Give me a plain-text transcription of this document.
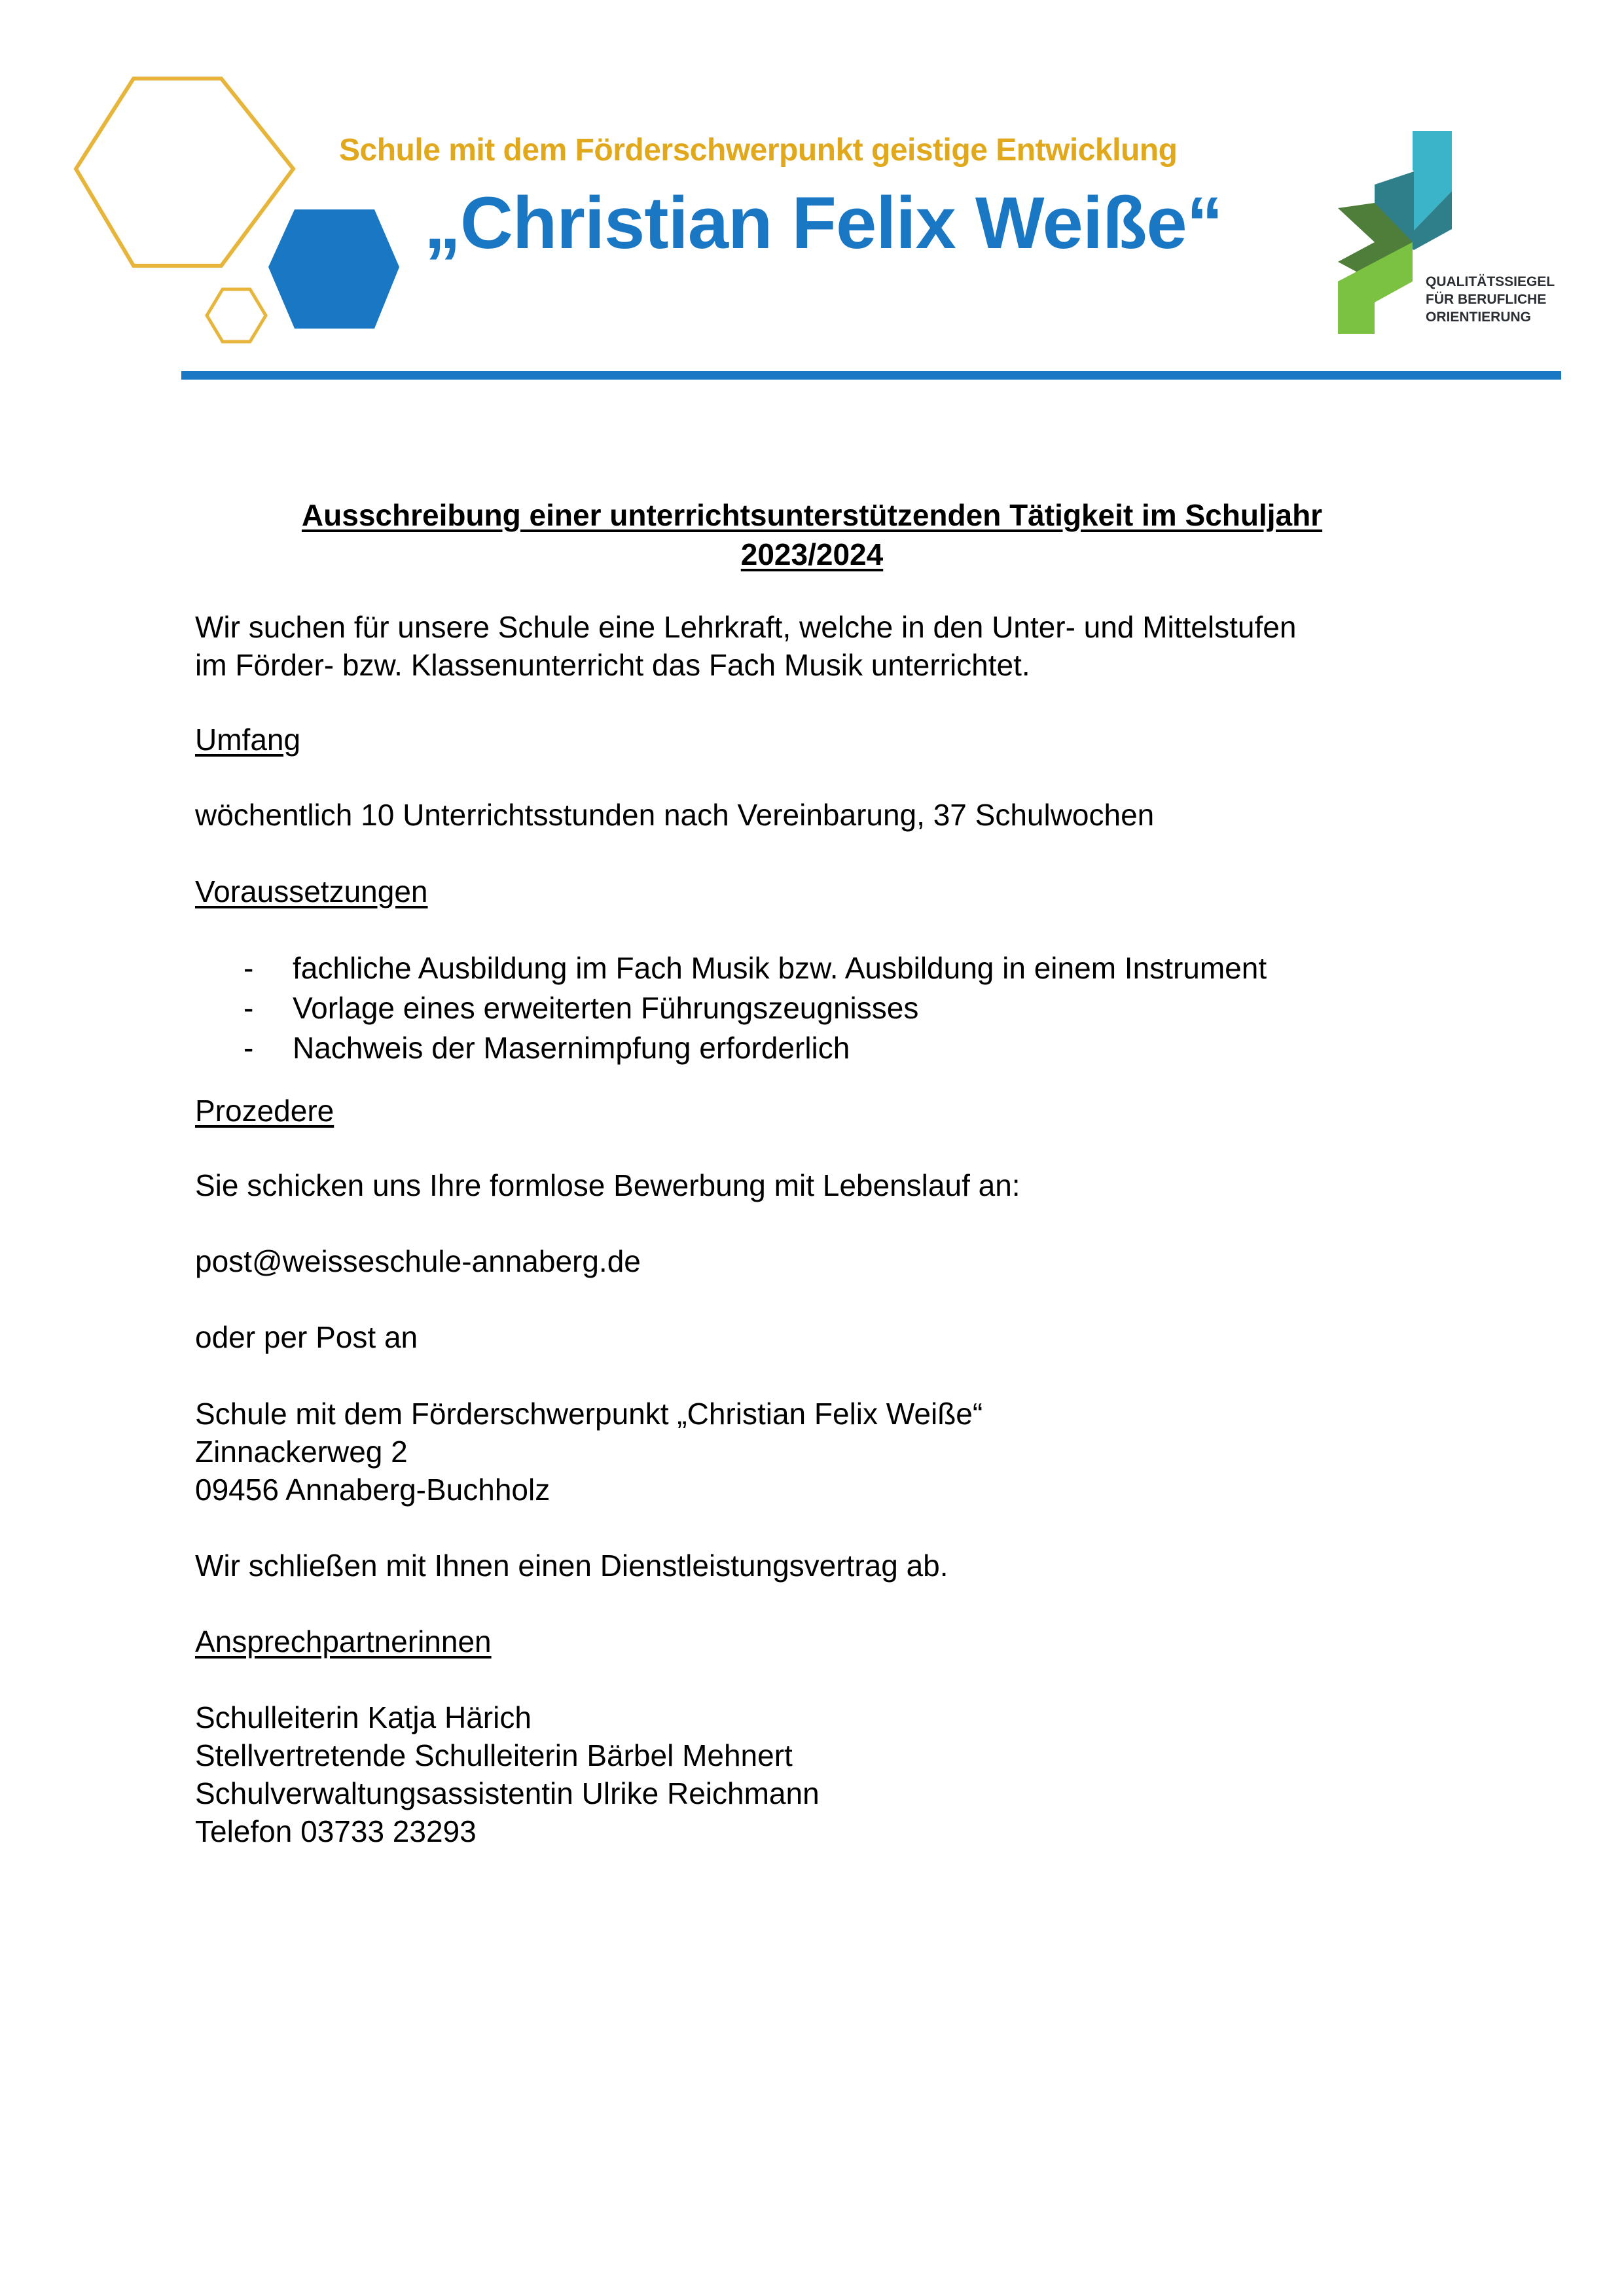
Schule mit dem Förderschwerpunkt geistige Entwicklung
„Christian Felix Weiße“
QUALITÄTSSIEGEL
FÜR BERUFLICHE
ORIENTIERUNG
Ausschreibung einer unterrichtsunterstützenden Tätigkeit im Schuljahr
2023/2024
Wir suchen für unsere Schule eine Lehrkraft, welche in den Unter- und Mittelstufen
im Förder- bzw. Klassenunterricht das Fach Musik unterrichtet.
Umfang
wöchentlich 10 Unterrichtsstunden nach Vereinbarung, 37 Schulwochen
Voraussetzungen
- fachliche Ausbildung im Fach Musik bzw. Ausbildung in einem Instrument
- Vorlage eines erweiterten Führungszeugnisses
- Nachweis der Masernimpfung erforderlich
Prozedere
Sie schicken uns Ihre formlose Bewerbung mit Lebenslauf an:
post@weisseschule-annaberg.de
oder per Post an
Schule mit dem Förderschwerpunkt „Christian Felix Weiße“
Zinnackerweg 2
09456 Annaberg-Buchholz
Wir schließen mit Ihnen einen Dienstleistungsvertrag ab.
Ansprechpartnerinnen
Schulleiterin Katja Härich
Stellvertretende Schulleiterin Bärbel Mehnert
Schulverwaltungsassistentin Ulrike Reichmann
Telefon 03733 23293
